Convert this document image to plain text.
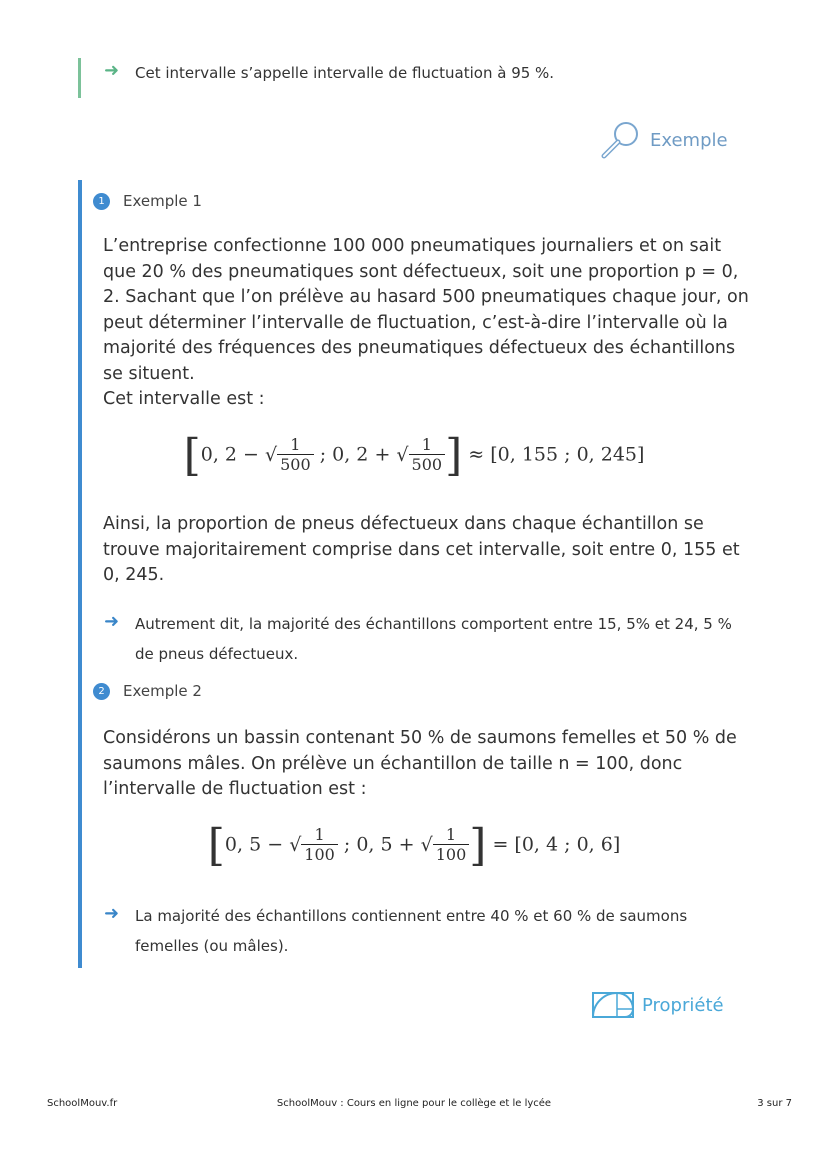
➜ Cet intervalle s’appelle intervalle de fluctuation à 95 %.
Exemple
1	Exemple 1
L’entreprise confectionne 100 000 pneumatiques journaliers et on sait que 20 % des pneumatiques sont défectueux, soit une proportion p = 0, 2. Sachant que l’on prélève au hasard 500 pneumatiques chaque jour, on peut déterminer l’intervalle de fluctuation, c’est-à-dire l’intervalle où la majorité des fréquences des pneumatiques défectueux des échantillons se situent.
Cet intervalle est :
[0, 2 − √ $\frac{1}{500}$ ; 0, 2 + √ $\frac{1}{500}$ ] ≈ [0, 155 ; 0, 245]
Ainsi, la proportion de pneus défectueux dans chaque échantillon se trouve majoritairement comprise dans cet intervalle, soit entre 0, 155 et 0, 245.
➜ Autrement dit, la majorité des échantillons comportent entre 15, 5% et 24, 5 % de pneus défectueux.
2	Exemple 2
Considérons un bassin contenant 50 % de saumons femelles et 50 % de saumons mâles. On prélève un échantillon de taille n = 100, donc l’intervalle de fluctuation est :
[0, 5 − √ $\frac{1}{100}$ ; 0, 5 + √ $\frac{1}{100}$ ] = [0, 4 ; 0, 6]
➜ La majorité des échantillons contiennent entre 40 % et 60 % de saumons femelles (ou mâles).
Propriété
SchoolMouv.fr	SchoolMouv : Cours en ligne pour le collège et le lycée	3 sur 7
